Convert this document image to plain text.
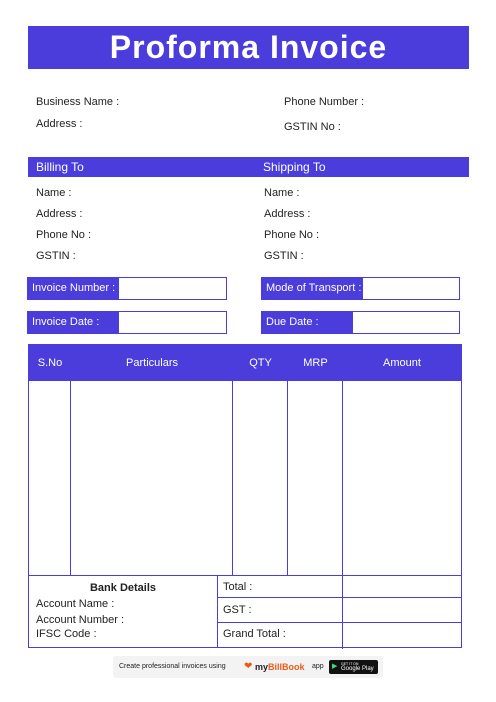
Proforma Invoice
Business Name :
Address :
Phone Number :
GSTIN No :
Billing To	Shipping To
Name :
Address :
Phone No :
GSTIN :
Name :
Address :
Phone No :
GSTIN :
Invoice Number :	Mode of Transport :
Invoice Date :	Due Date :
S.No	Particulars	QTY	MRP	Amount
Bank Details
Account Name :
Account Number :
IFSC Code :
Total :
GST :
Grand Total :
Create professional invoices using ❤ myBillBook app ▶ GET IT ON
Google Play
